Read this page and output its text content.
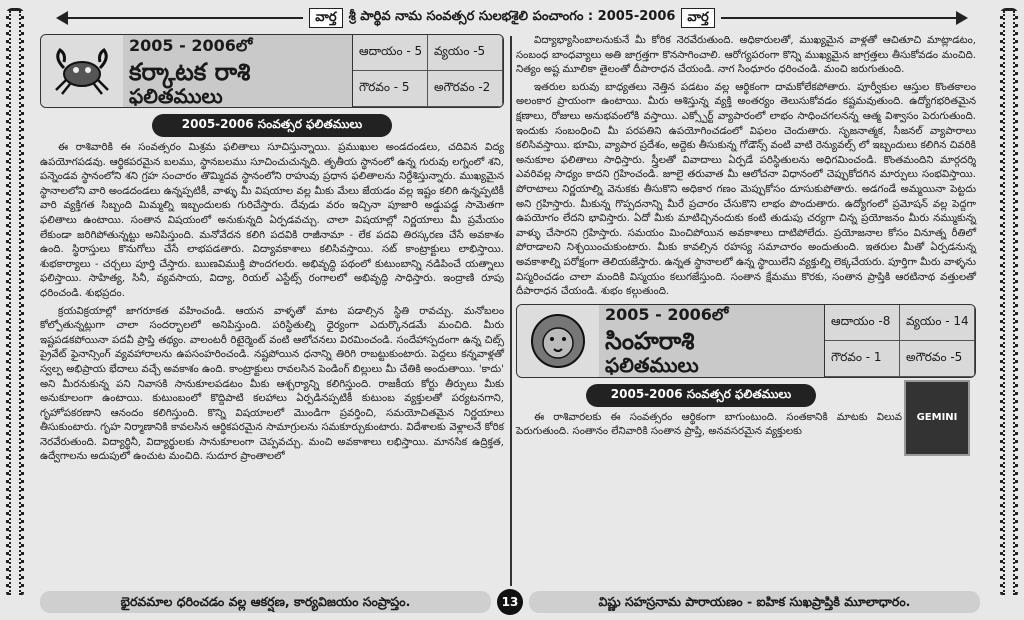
వార్త శ్రీ పార్థివ నామ సంవత్సర సులభశైలి పంచాంగం : 2005-2006 వార్త
2005 - 2006లో
కర్కాటక రాశి
ఫలితములు
ఆదాయం - 5 వ్యయం -5
గౌరవం - 5	అగౌరవం -2
2005-2006 సంవత్సర ఫలితములు

ఈ రాశివారికి ఈ సంవత్సరం మిశ్రమ ఫలితాలు సూచిస్తున్నాయి. ప్రముఖుల అండదండలు, చదివిన విద్య ఉపయోగపడవు. ఆర్థికపరమైన బలము, స్థానబలము సూచించుచున్నది. తృతీయ స్థానంలో ఉన్న గురువు లగ్నంలో శని, పన్నెండవ స్థానంలోని శని గ్రహ సంచారం తొమ్మిదవ స్థానంలోని రాహువు ప్రధాన ఫలితాలను నిర్దేశిస్తున్నారు. ముఖ్యమైన స్థానాలలోని వారి అండదండలు ఉన్నప్పటికీ, వాళ్ళు మీ విషయాల వల్ల మీకు మేలు జేయడం వల్ల ఇష్టం కలిగి ఉన్నప్పటికీ వారి వ్యక్తిగత సిబ్బంది మిమ్మల్ని ఇబ్బందులకు గురిచేస్తారు. దేవుడు వరం ఇచ్చినా పూజారి అడ్డుపడ్డ సామెతగా ఫలితాలు ఉంటాయి. సంతాన విషయంలో అనుకున్నది ఏర్పడవచ్చు. చాలా విషయాల్లో నిర్ణయాలు మీ ప్రమేయం లేకుండా జరిగిపోతున్నట్టు అనిపిస్తుంది. మనోవేదన కలిగి పదవికి రాజీనామా - లేక పదవి తిరస్కరణ చేసే అవకాశం ఉంది. స్థిరాస్తులు కొనుగోలు చేసే లాభపడతారు. విద్యావకాశాలు కలిసివస్తాయి. సట్ కాంట్రాక్టులు లాభిస్తాయి. శుభకార్యాలు - చర్చలు పూర్తి చేస్తారు. ఋణవిముక్తి పొందగలరు. అభివృద్ధి పథంలో కుటుంబాన్ని నడిపించే యత్నాలు ఫలిస్తాయి. సాహిత్య, సినీ, వ్యవసాయ, విద్యా, రియల్ ఎస్టేట్స్ రంగాలలో అభివృద్ధి సాధిస్తారు. ఇంద్రాణి రూపు ధరించండి. శుభప్రదం.

క్రయవిక్రయాల్లో జాగరూకత వహించండి. ఆయన వాళ్ళతో మాట పడాల్సిన స్థితి రావచ్చు. మనోబలం కోల్పోతున్నట్లుగా చాలా సందర్భాలలో అనిపిస్తుంది. పరిస్థితుల్ని ధైర్యంగా ఎదుర్కొనడమే మంచిది. మీరు ఇష్టపడకపోయినా పదవీ ప్రాప్తి తథ్యం. వాలంటరీ రిటైర్మెంట్ వంటి ఆలోచనలు విరమించండి. సందేహాస్పదంగా ఉన్న చిట్స్ ప్రైవేట్ ఫైనాన్సింగ్ వ్యవహారాలను ఉపసంహరించండి. నష్టపోయిన ధనాన్ని తిరిగి రాబట్టుకుంటారు. పెద్దలు కన్నవాళ్లతో స్వల్ప అభిప్రాయ భేదాలు వచ్చే అవకాశం ఉంది. కాంట్రాక్టులు రావలసిన పెండింగ్ బిల్లులు మీ చేతికి అందుతాయి. 'కాదు' అని మీరనుకున్న పని నివాసకి సానుకూలపడటం మీకు ఆశ్చర్యాన్ని కలిగిస్తుంది. రాజకీయ కోర్టు తీర్పులు మీకు అనుకూలంగా ఉంటాయి. కుటుంబంలో కొద్దిపాటి కలహాలు ఏర్పడినప్పటికీ కుటుంబ వ్యక్తులతో పర్యటనగాని, గృహోపకరణాని ఆనందం కలిగిస్తుంది. కొన్ని విషయాలలో మొండిగా ప్రవర్తించి, సమయోచితమైన నిర్ణయాలు తీసుకుంటారు. గృహ నిర్మాణానికి కావలసిన ఆర్థికపరమైన సామాగ్రులను సమకూర్చుకుంటారు. విదేశాలకు వెళ్లాలనే కోరిక నెరవేరుతుంది. విద్యార్థినీ, విద్యార్థులకు సానుకూలంగా చెప్పవచ్చు. మంచి అవకాశాలు లభిస్తాయి. మానసిక ఉద్రిక్తత, ఉద్వేగాలను అదుపులో ఉంచుట మంచిది. సుదూర ప్రాంతాలలో

విద్యాభ్యాసింబాలనుకునే మీ కోరిక నెరవేరుతుంది. అధికారులతో, ముఖ్యమైన వాళ్లతో ఆచితూచి మాట్లాడటం, సంబంధ బాంధవ్యాలు అతి జాగ్రత్తగా కొనసాగించాలి. ఆరోగ్యపరంగా కొన్ని ముఖ్యమైన జాగ్రత్తలు తీసుకోవడం మంచిది. నిత్యం అష్ట మూలికా తైలంతో దీపారాధన చేయండి. నాగ సింధూరం ధరించండి. మంచి జరుగుతుంది.

ఇతరుల బరువు బాధ్యతలు నెత్తిన పడటం వల్ల ఆర్థికంగా దామకోలేకపోతారు. పూర్వీకుల ఆస్తుల కొంతకాలం అలంకార ప్రాయంగా ఉంటాయి. మీరు ఆశిస్తున్న వ్యక్తి అంతర్యం తెలుసుకోవడం కష్టమవుతుంది. ఉద్యోగభరితమైన క్షణాలు, రోజులు అనుభవంలోకి వస్తాయి. ఎక్స్పోర్ట్ వ్యాపారంలో లాభం సాధించగలనన్న ఆత్మ విశ్వాసం పెరుగుతుంది. ఇందుకు సంబంధించి మీ పరపతిని ఉపయోగించడంలో విఫలం చెందుతారు. సృజనాత్మక, సీజనల్ వ్యాపారాలు కలిసివస్తాయి. భూమి, వ్యాపార ప్రదేశం, అద్దెకు తీసుకున్న గోడౌన్స్ వంటి వాటి రెన్యువల్స్ లో ఇబ్బందులు కలిగిన చివరికి అనుకూల ఫలితాలు సాధిస్తారు. స్త్రీలతో వివాదాలు ఏర్పడే పరిస్థితులను అధిగమించండి. కొంతమందిని మార్గదర్శి ఎవరివల్ల సాధ్యం కాదని గ్రహించండి. జూలై తరువాత మీ ఆలోచనా విధానంలో చెప్పుకోదగిన మార్పులు సంభవిస్తాయి. పోరాటాలు నిర్ణయాల్ని వెనుకకు తీసుకొని అధికార గణం మెప్పుకోసం దూసుకుపోతారు. అడగండే అమ్మయినా పెట్టదు అని గ్రహిస్తారు. మీకున్న గొప్పదనాన్ని మీరే ప్రచారం చేసుకొని లాభం పొందుతారు. ఉద్యోగంలో ప్రమోషన్ వల్ల పెద్దగా ఉపయోగం లేదని భావిస్తారు. ఏదో మీకు మాటిచ్చినందుకు కంటి తుడుపు చర్యగా చిన్న ప్రయోజనం మీరు నమ్ముకున్న వాళ్ళు చేసారని గ్రహిస్తారు. సమయం మించిపోయిన అవకాశాలు దాటిపోలేదు. ప్రయోజనాల కోసం వినూత్న రీతిలో పోరాడాలని నిశ్చయించుకుంటారు. మీకు కావల్సిన రహస్య సమాచారం అందుతుంది. ఇతరుల మీతో ఏర్పడనున్న అవకాశాల్ని పరోక్షంగా తెలియజేస్తారు. ఉన్నత స్థానాలలో ఉన్న స్థాయిలేని వ్యక్తుల్ని లెక్కచేయరు. పూర్తిగా మీరు వాళ్ళను విస్మరించడం చాలా మందికి విస్మయం కలుగజేస్తుంది. సంతాన క్షేమము కొరకు, సంతాన ప్రాప్తికి ఆరటినాథ వత్తులతో దీపారాధన చేయండి. శుభం కల్గుతుంది.

2005 - 2006లో
సింహరాశి
ఫలితములు
ఆదాయం -8	వ్యయం - 14
గౌరవం - 1	అగౌరవం -5
2005-2006 సంవత్సర ఫలితములు
GEMINI

ఈ రాశివారలకు ఈ సంవత్సరం ఆర్థికంగా బాగుంటుంది. సంతకానికి మాటకు విలువ పెరుగుతుంది. సంతానం లేనివారికి సంతాన ప్రాప్తి, అనవసరమైన వ్యక్తులకు

భైరవమాల ధరించడం వల్ల ఆకర్షణ, కార్యవిజయం సంప్రాప్తం.	13	విష్ణు సహస్రనామ పారాయణం - ఐహిక సుఖప్రాప్తికి మూలాధారం.
